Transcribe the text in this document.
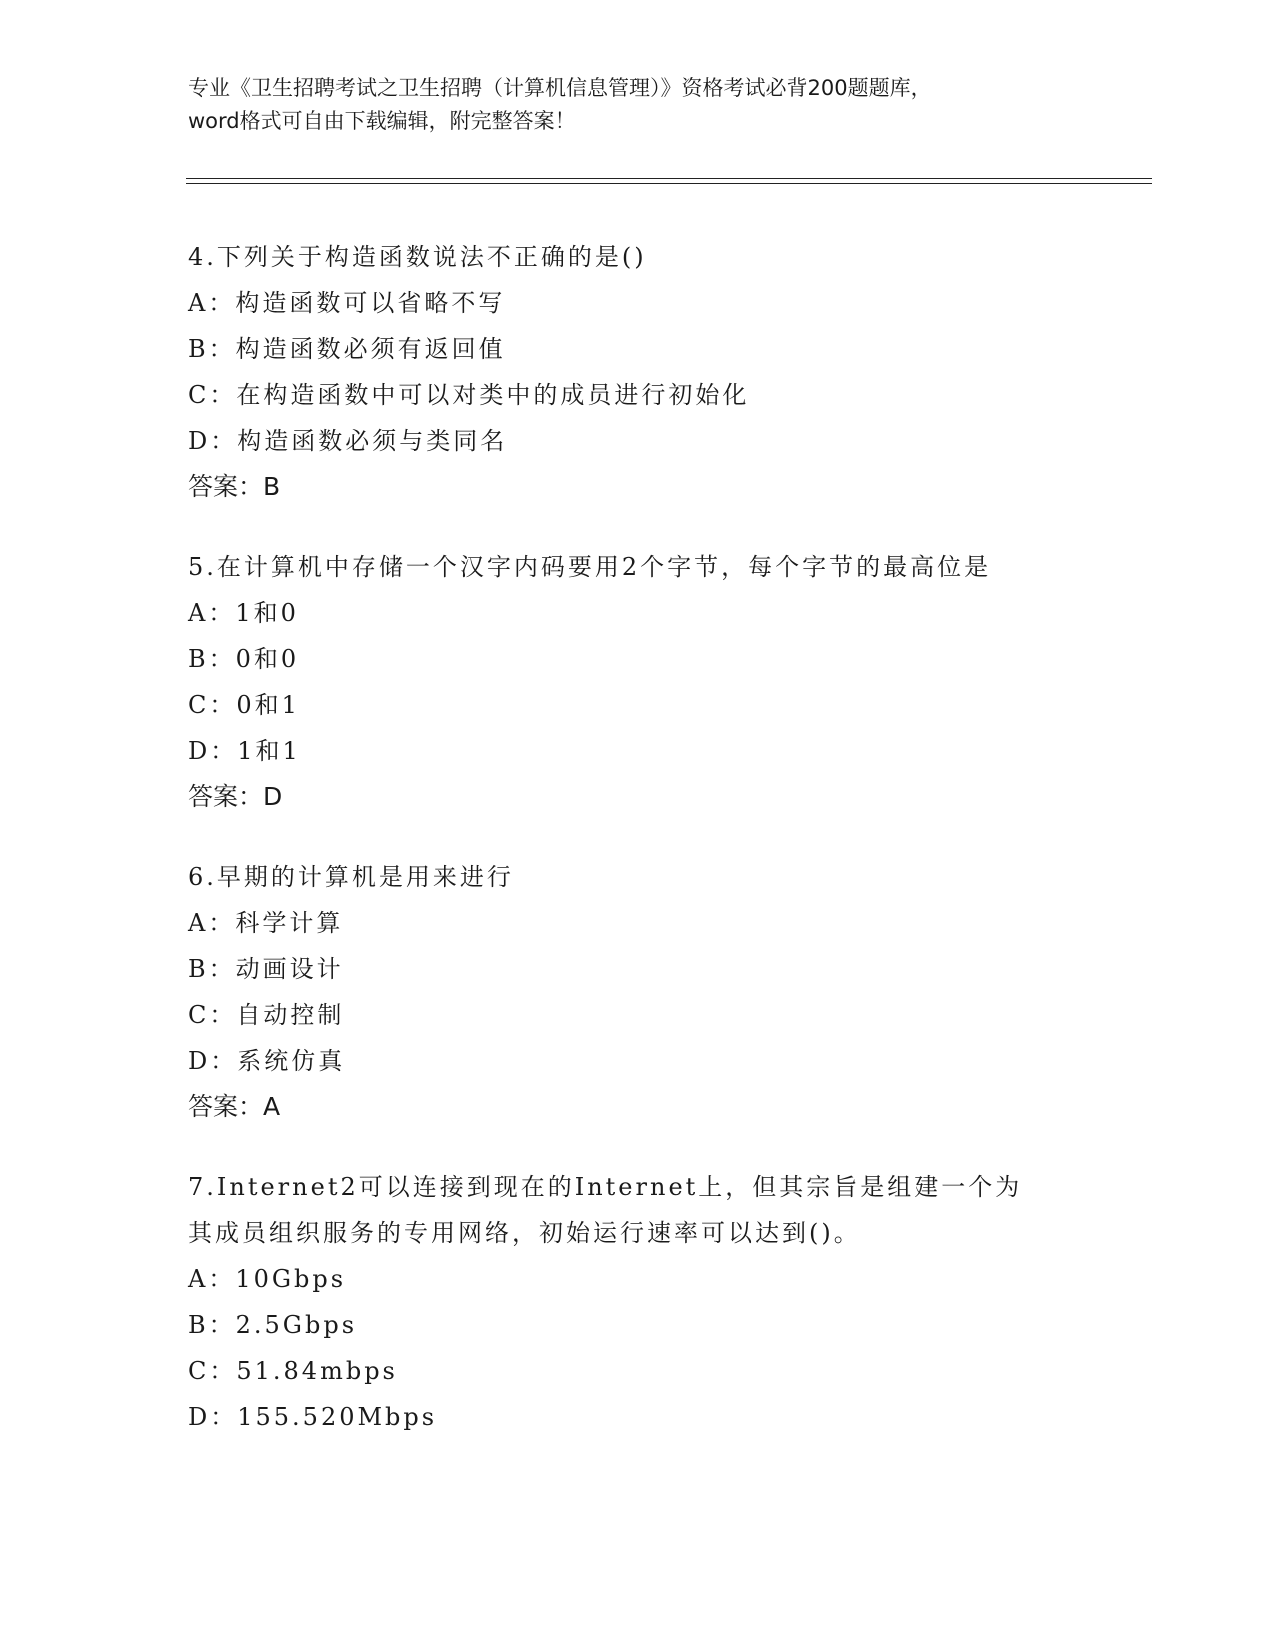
专业《卫生招聘考试之卫生招聘（计算机信息管理）》资格考试必背200题题库，

word格式可自由下载编辑，附完整答案！

4.下列关于构造函数说法不正确的是()
A：构造函数可以省略不写
B：构造函数必须有返回值
C：在构造函数中可以对类中的成员进行初始化
D：构造函数必须与类同名
答案：B
5.在计算机中存储一个汉字内码要用2个字节，每个字节的最高位是
A：1和0
B：0和0
C：0和1
D：1和1
答案：D
6.早期的计算机是用来进行
A：科学计算
B：动画设计
C：自动控制
D：系统仿真
答案：A
7.Internet2可以连接到现在的Internet上，但其宗旨是组建一个为
其成员组织服务的专用网络，初始运行速率可以达到()。
A：10Gbps
B：2.5Gbps
C：51.84mbps
D：155.520Mbps
